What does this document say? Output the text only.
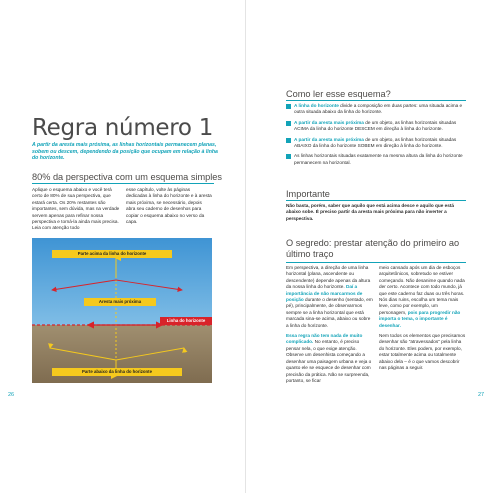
Regra número 1
A partir da aresta mais próxima, as linhas horizontais permanecem planas, sobem ou descem, dependendo da posição que ocupam em relação à linha do horizonte.
80% da perspectiva com um esquema simples
Aplique o esquema abaixo e você terá certo de 80% de sua perspectiva, que estará certa. Os 20% restantes são importantes, sem dúvida, mas na verdade servem apenas para refinar nossa perspectiva e torná-la ainda mais precisa. Leia com atenção todo
esse capítulo, volte às páginas dedicadas à linha do horizonte e à aresta mais próxima, se necessário, depois abra seu caderno de desenhos para copiar o esquema abaixo no verso da capa.
Parte acima da linha do horizonte
Aresta mais próxima
Linha do horizonte
Parte abaixo da linha do horizonte
26
Como ler esse esquema?
A linha do horizonte divide a composição em duas partes: uma situada acima e outra situada abaixo da linha do horizonte.
A partir da aresta mais próxima de um objeto, as linhas horizontais situadas ACIMA da linha do horizonte DESCEM em direção à linha do horizonte.
A partir da aresta mais próxima de um objeto, as linhas horizontais situadas ABAIXO da linha do horizonte SOBEM em direção à linha do horizonte.
As linhas horizontais situadas exatamente na mesma altura da linha do horizonte permanecem na horizontal.
Importante
Não basta, porém, saber que aquilo que está acima desce e aquilo que está abaixo sobe. É preciso partir da aresta mais próxima para não inverter a perspectiva.
O segredo: prestar atenção do primeiro ao último traço
Em perspectiva, a direção de uma linha horizontal (plana, ascendente ou descendente) depende apenas da altura da nossa linha do horizonte. Daí a importância de não marcarmos de posição durante o desenho (sentado, em pé), principalmente, de observarmos sempre se a linha horizontal que está marcada sina-se acima, abaixo ou sobre a linha do horizonte.
Essa regra não tem nada de muito complicado. No entanto, é preciso pensar nela, o que exige atenção. Observe um desenhista começando a desenhar uma paisagem urbana e veja o quanto ele se esquece de desenhar com precisão da prática. Não se surpreenda, portanto, se ficar
meio cansado após um dia de esboços arquitetônicos, sobretudo se estiver começando. Não desanime quando nada der certo. Acontece com todo mundo, já que este caderno faz duas ou três horas. Nós dias ruins, escolha um tema mais leve, como por exemplo, um personagem, pois para progredir não importa o tema, o importante é desenhar.
Nem todos os elementos que precisamos desenhar são "atravessados" pela linha do horizonte. Eles podem, por exemplo, estar totalmente acima ou totalmente abaixo dela – é o que vamos descobrir nas páginas a seguir.
27
